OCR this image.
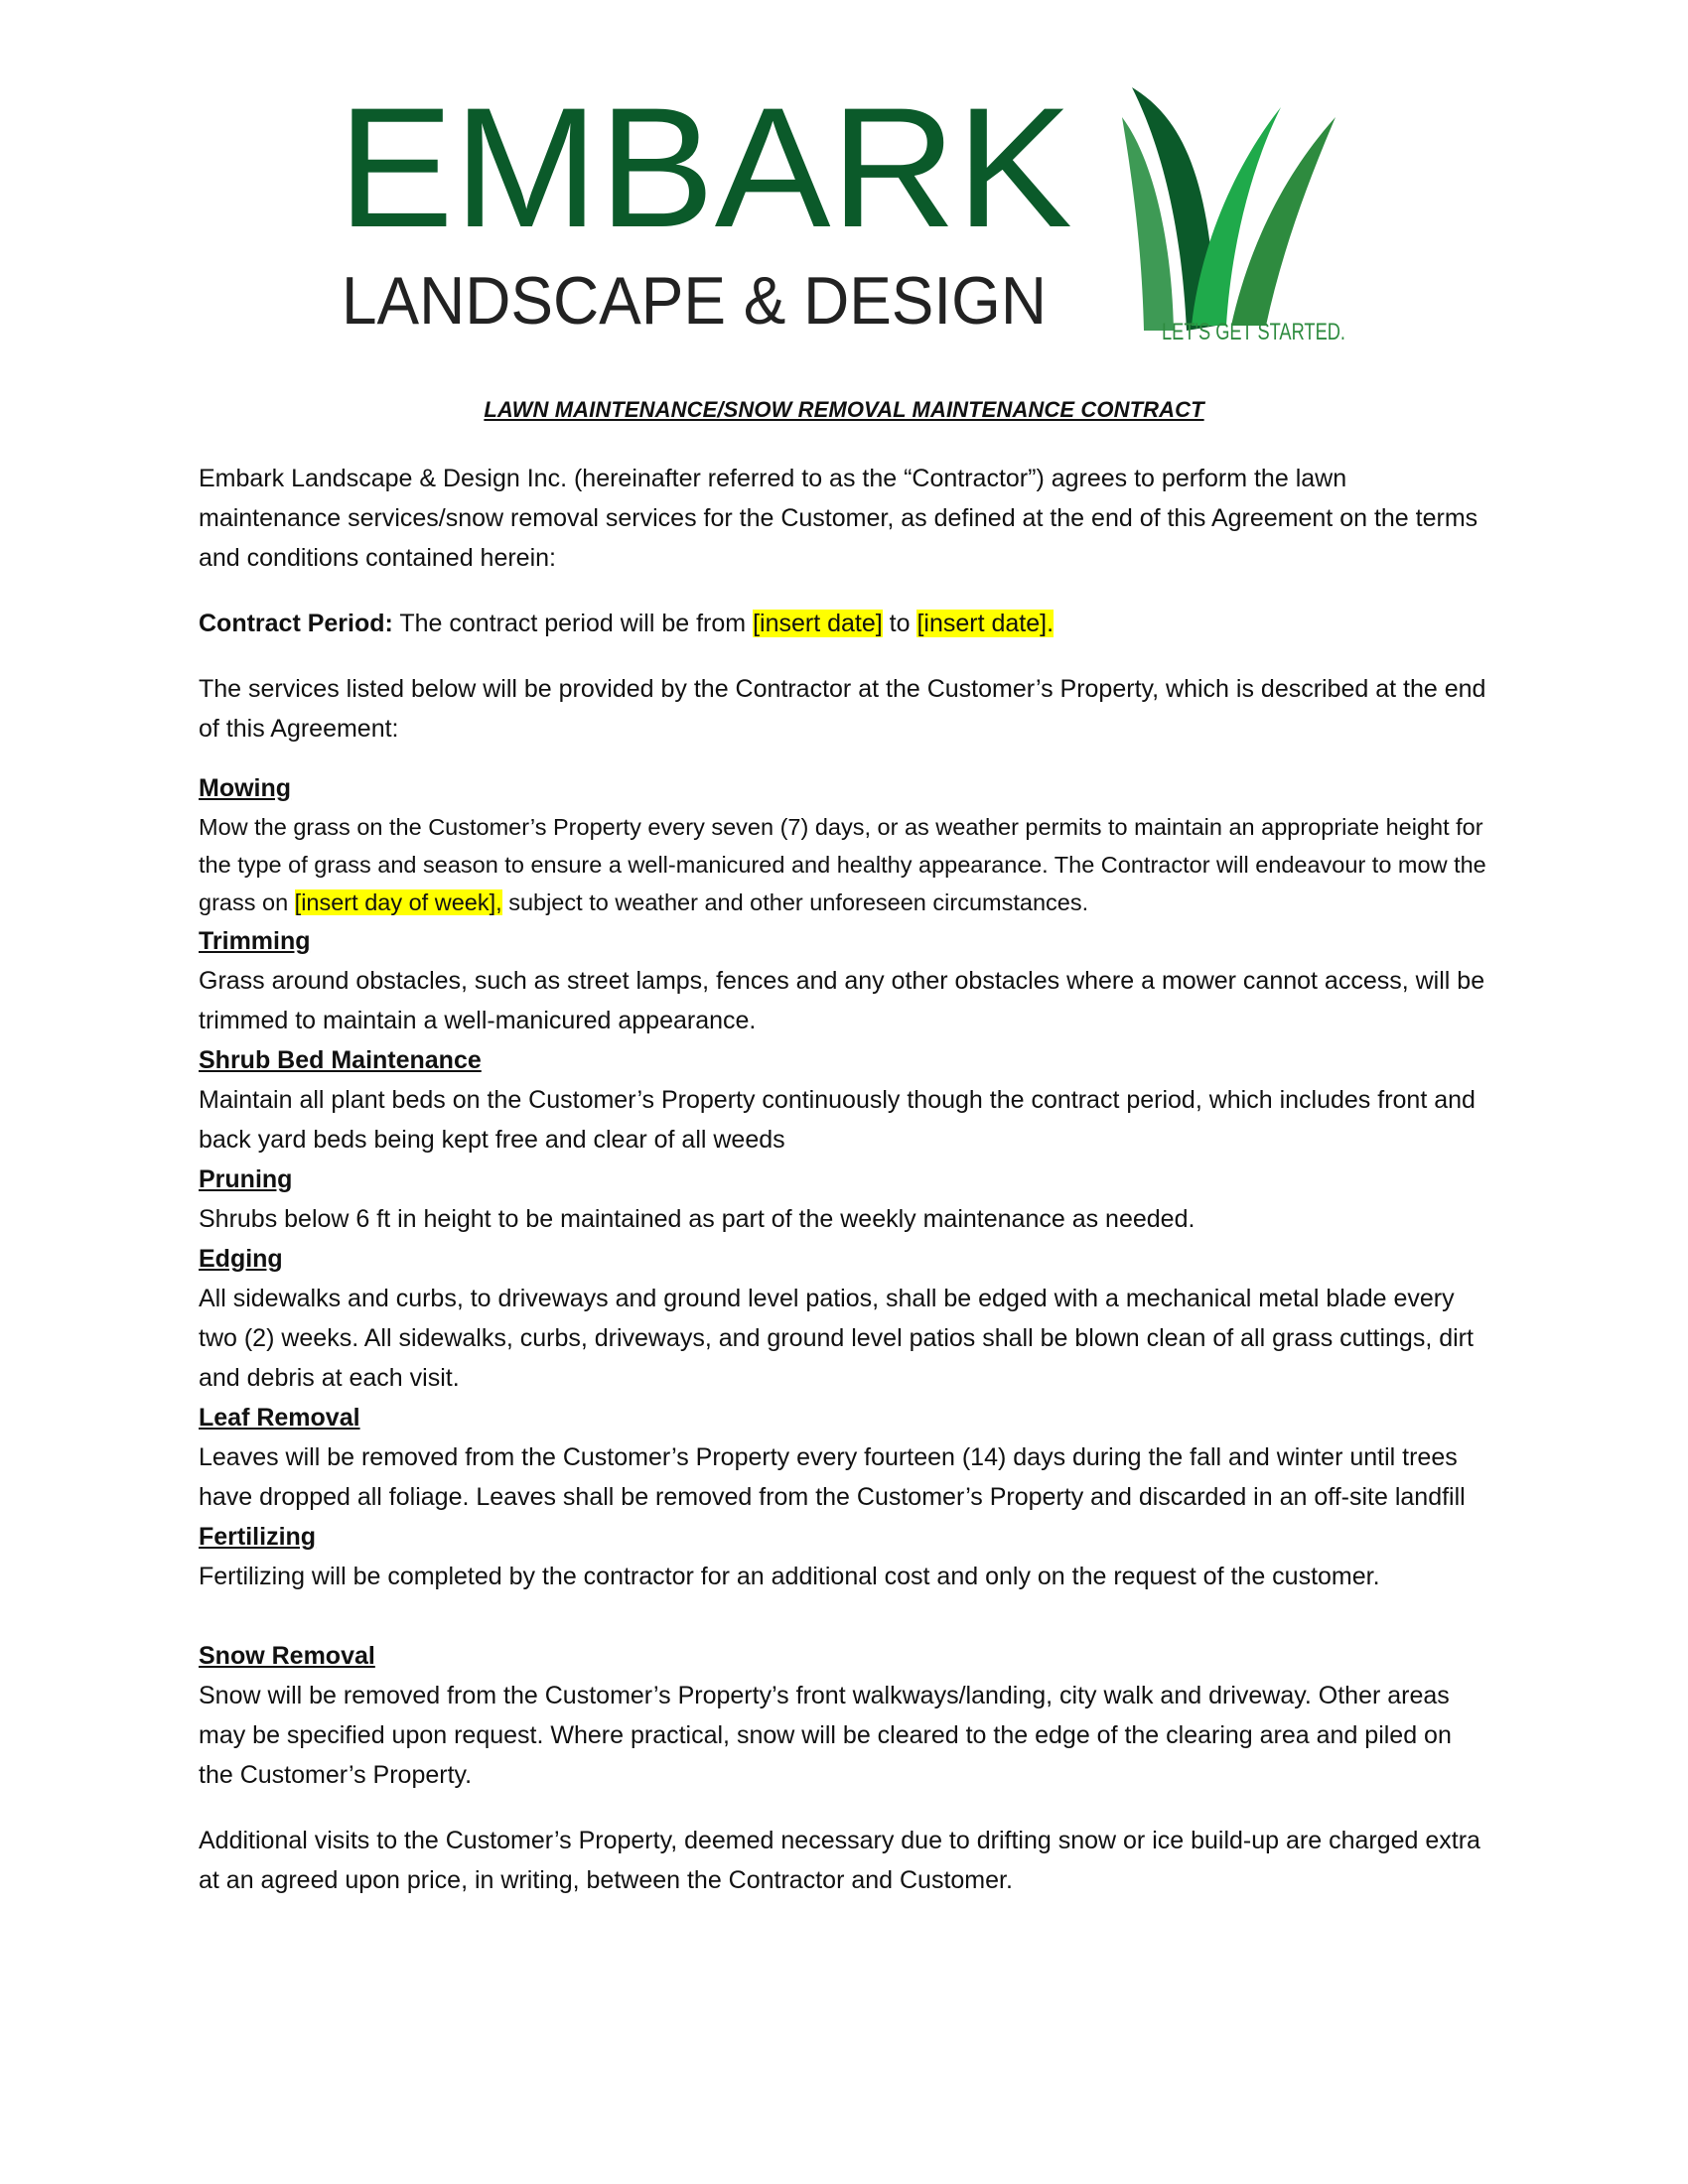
EMBARK
LANDSCAPE & DESIGN	LET'S GET STARTED.
LAWN MAINTENANCE/SNOW REMOVAL MAINTENANCE CONTRACT

Embark Landscape & Design Inc. (hereinafter referred to as the “Contractor”) agrees to perform the lawn maintenance services/snow removal services for the Customer, as defined at the end of this Agreement on the terms and conditions contained herein:

Contract Period: The contract period will be from [insert date] to [insert date].

The services listed below will be provided by the Contractor at the Customer’s Property, which is described at the end of this Agreement:

Mowing

Mow the grass on the Customer’s Property every seven (7) days, or as weather permits to maintain an appropriate height for the type of grass and season to ensure a well-manicured and healthy appearance. The Contractor will endeavour to mow the grass on [insert day of week], subject to weather and other unforeseen circumstances.

Trimming

Grass around obstacles, such as street lamps, fences and any other obstacles where a mower cannot access, will be trimmed to maintain a well-manicured appearance.

Shrub Bed Maintenance

Maintain all plant beds on the Customer’s Property continuously though the contract period, which includes front and back yard beds being kept free and clear of all weeds

Pruning

Shrubs below 6 ft in height to be maintained as part of the weekly maintenance as needed.

Edging

All sidewalks and curbs, to driveways and ground level patios, shall be edged with a mechanical metal blade every two (2) weeks. All sidewalks, curbs, driveways, and ground level patios shall be blown clean of all grass cuttings, dirt and debris at each visit.

Leaf Removal

Leaves will be removed from the Customer’s Property every fourteen (14) days during the fall and winter until trees have dropped all foliage. Leaves shall be removed from the Customer’s Property and discarded in an off-site landfill

Fertilizing

Fertilizing will be completed by the contractor for an additional cost and only on the request of the customer.

Snow Removal

Snow will be removed from the Customer’s Property’s front walkways/landing, city walk and driveway. Other areas may be specified upon request. Where practical, snow will be cleared to the edge of the clearing area and piled on the Customer’s Property.

Additional visits to the Customer’s Property, deemed necessary due to drifting snow or ice build-up are charged extra at an agreed upon price, in writing, between the Contractor and Customer.
